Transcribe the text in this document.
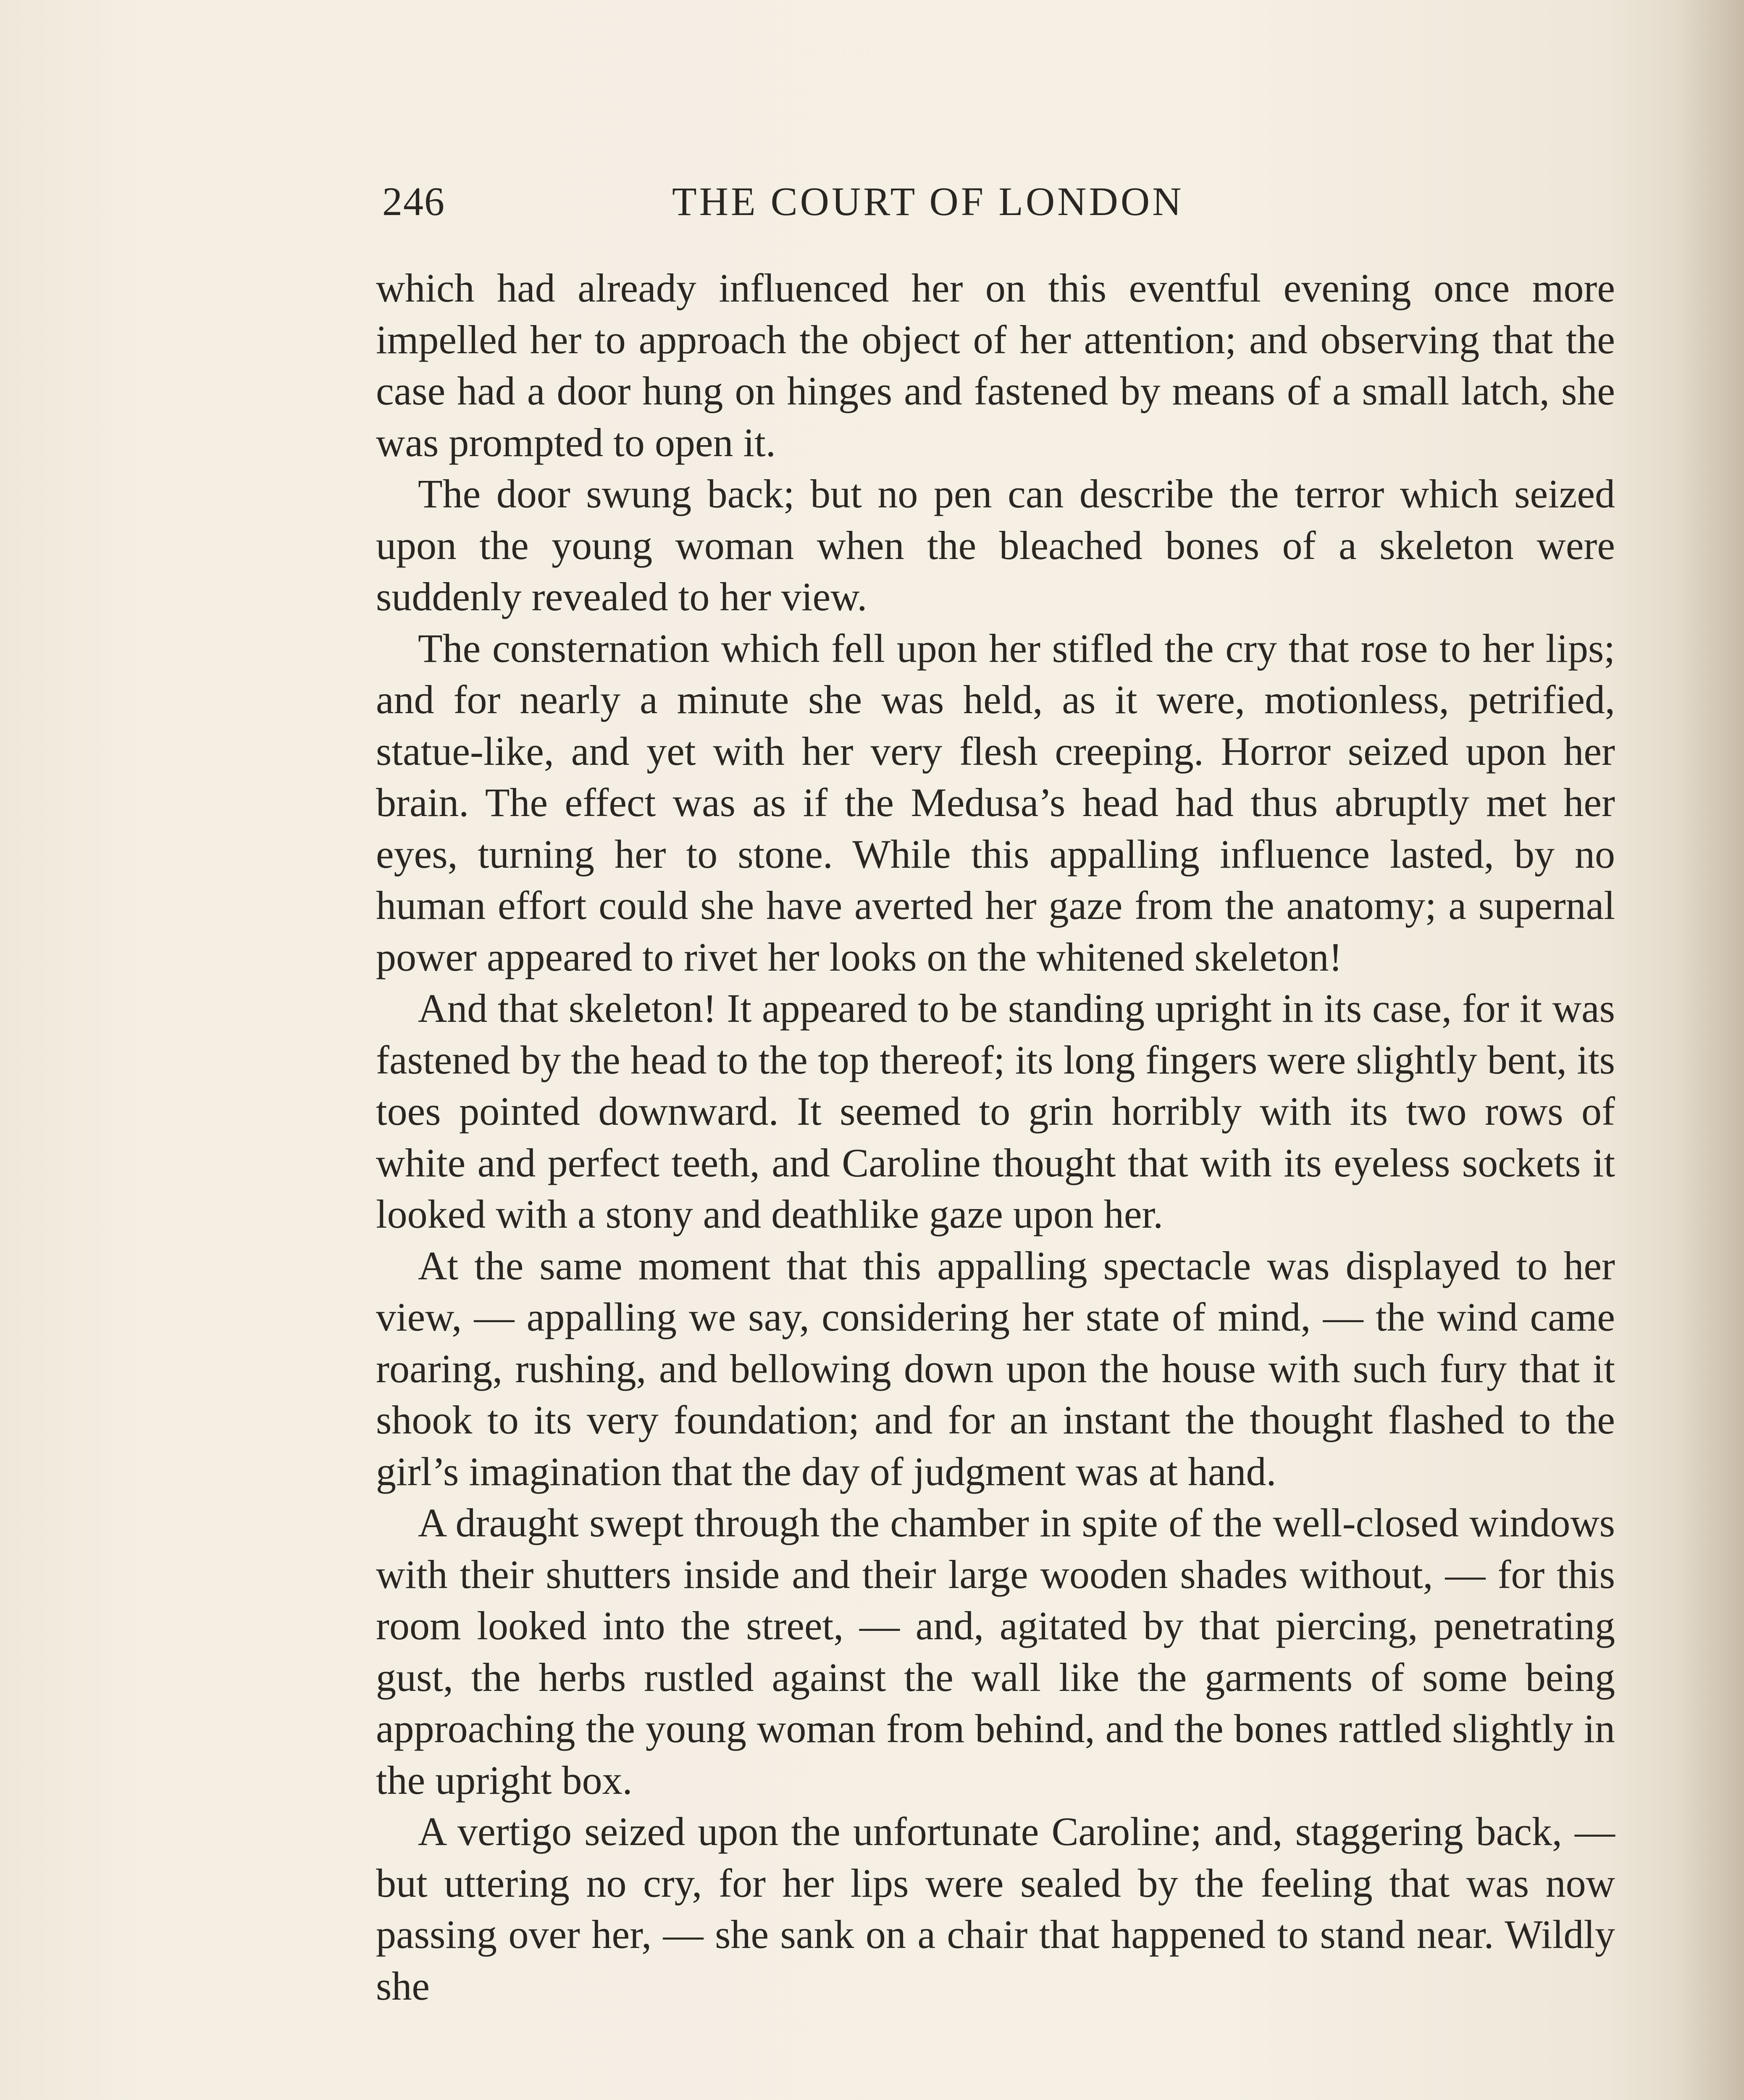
246	THE COURT OF LONDON

which had already influenced her on this eventful evening once more impelled her to approach the object of her attention; and observing that the case had a door hung on hinges and fastened by means of a small latch, she was prompted to open it.

The door swung back; but no pen can describe the terror which seized upon the young woman when the bleached bones of a skeleton were suddenly revealed to her view.

The consternation which fell upon her stifled the cry that rose to her lips; and for nearly a minute she was held, as it were, motionless, petrified, statue-like, and yet with her very flesh creeping. Horror seized upon her brain. The effect was as if the Medusa’s head had thus abruptly met her eyes, turning her to stone. While this appalling influence lasted, by no human effort could she have averted her gaze from the anatomy; a supernal power appeared to rivet her looks on the whitened skeleton!

And that skeleton! It appeared to be standing upright in its case, for it was fastened by the head to the top thereof; its long fingers were slightly bent, its toes pointed downward. It seemed to grin horribly with its two rows of white and perfect teeth, and Caroline thought that with its eyeless sockets it looked with a stony and deathlike gaze upon her.

At the same moment that this appalling spectacle was displayed to her view, — appalling we say, considering her state of mind, — the wind came roaring, rushing, and bellowing down upon the house with such fury that it shook to its very foundation; and for an instant the thought flashed to the girl’s imagination that the day of judgment was at hand.

A draught swept through the chamber in spite of the well-closed windows with their shutters inside and their large wooden shades without, — for this room looked into the street, — and, agitated by that piercing, penetrating gust, the herbs rustled against the wall like the garments of some being approaching the young woman from behind, and the bones rattled slightly in the upright box.

A vertigo seized upon the unfortunate Caroline; and, staggering back, — but uttering no cry, for her lips were sealed by the feeling that was now passing over her, — she sank on a chair that happened to stand near. Wildly she
